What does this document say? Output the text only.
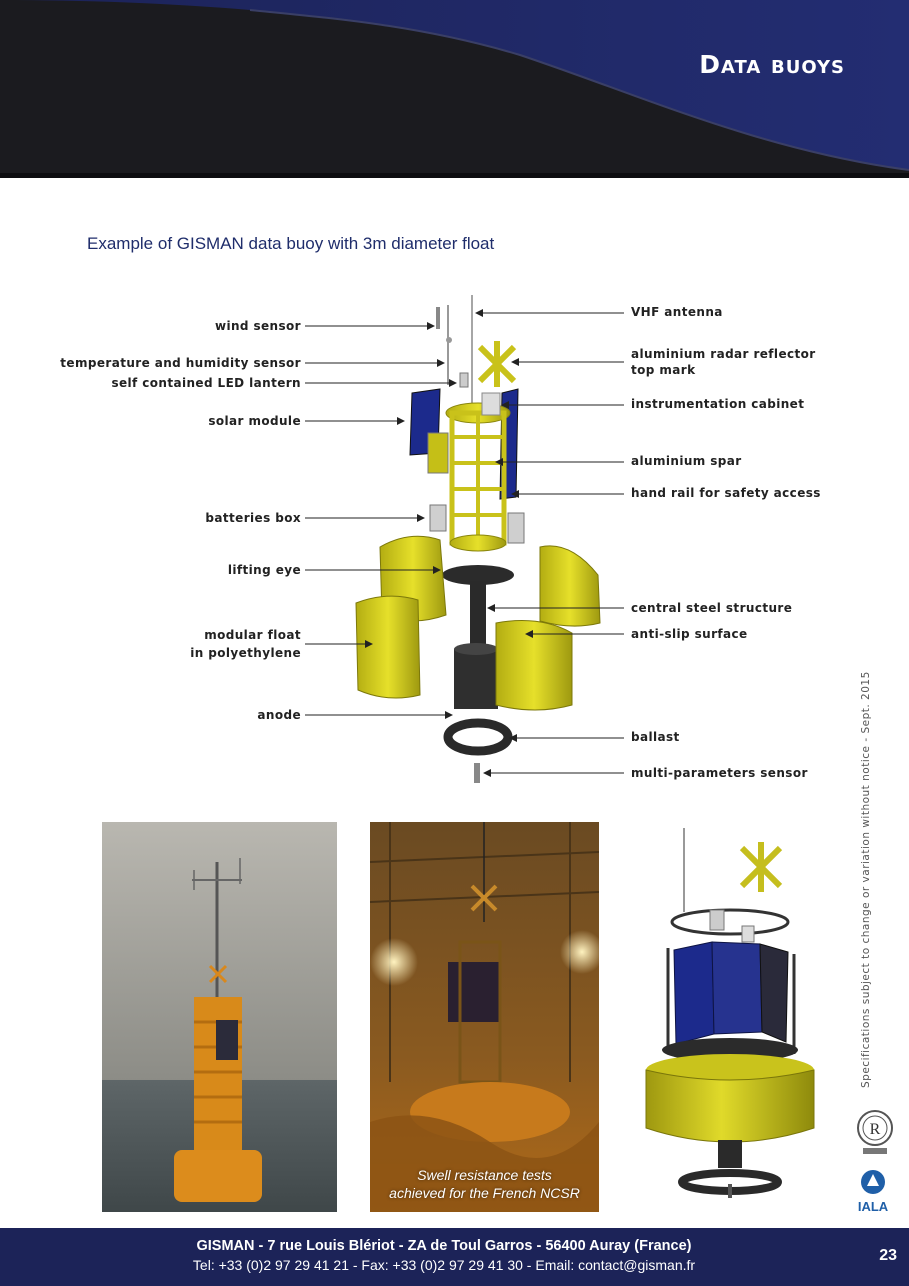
Data buoys
Example of GISMAN data buoy with 3m diameter float
wind sensor
temperature and humidity sensor
self contained LED lantern
solar module
batteries box
lifting eye
modular float
in polyethylene
anode
VHF antenna
aluminium radar reflector
top mark
instrumentation cabinet
aluminium spar
hand rail for safety access
central steel structure
anti-slip surface
ballast
multi-parameters sensor
Swell resistance tests
achieved for the French NCSR
Specifications subject to change or variation without notice - Sept. 2015
R
IALA
GISMAN - 7 rue Louis Blériot - ZA de Toul Garros - 56400 Auray (France)
Tel: +33 (0)2 97 29 41 21 - Fax: +33 (0)2 97 29 41 30 - Email: contact@gisman.fr
23
